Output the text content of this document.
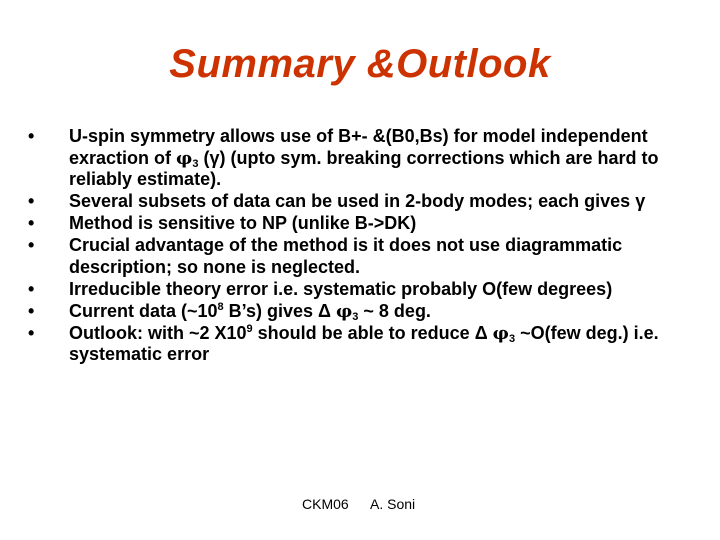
Summary &Outlook
• U-spin symmetry allows use of B+- &(B0,Bs) for model independent exraction of $\varphi_3$ (γ) (upto sym. breaking corrections which are hard to reliably estimate).
• Several subsets of data can be used in 2-body modes; each gives γ
• Method is sensitive to NP (unlike B->DK)
• Crucial advantage of the method is it does not use diagrammatic description; so none is neglected.
• Irreducible theory error i.e. systematic probably O(few degrees)
• Current data ($\sim 10^8$ B’s) gives Δ $\varphi_3$ ~ 8 deg.
• Outlook: with ~2 $X10^9$ should be able to reduce Δ $\varphi_3$ ~O(few deg.) i.e. systematic error
CKM06 A. Soni
